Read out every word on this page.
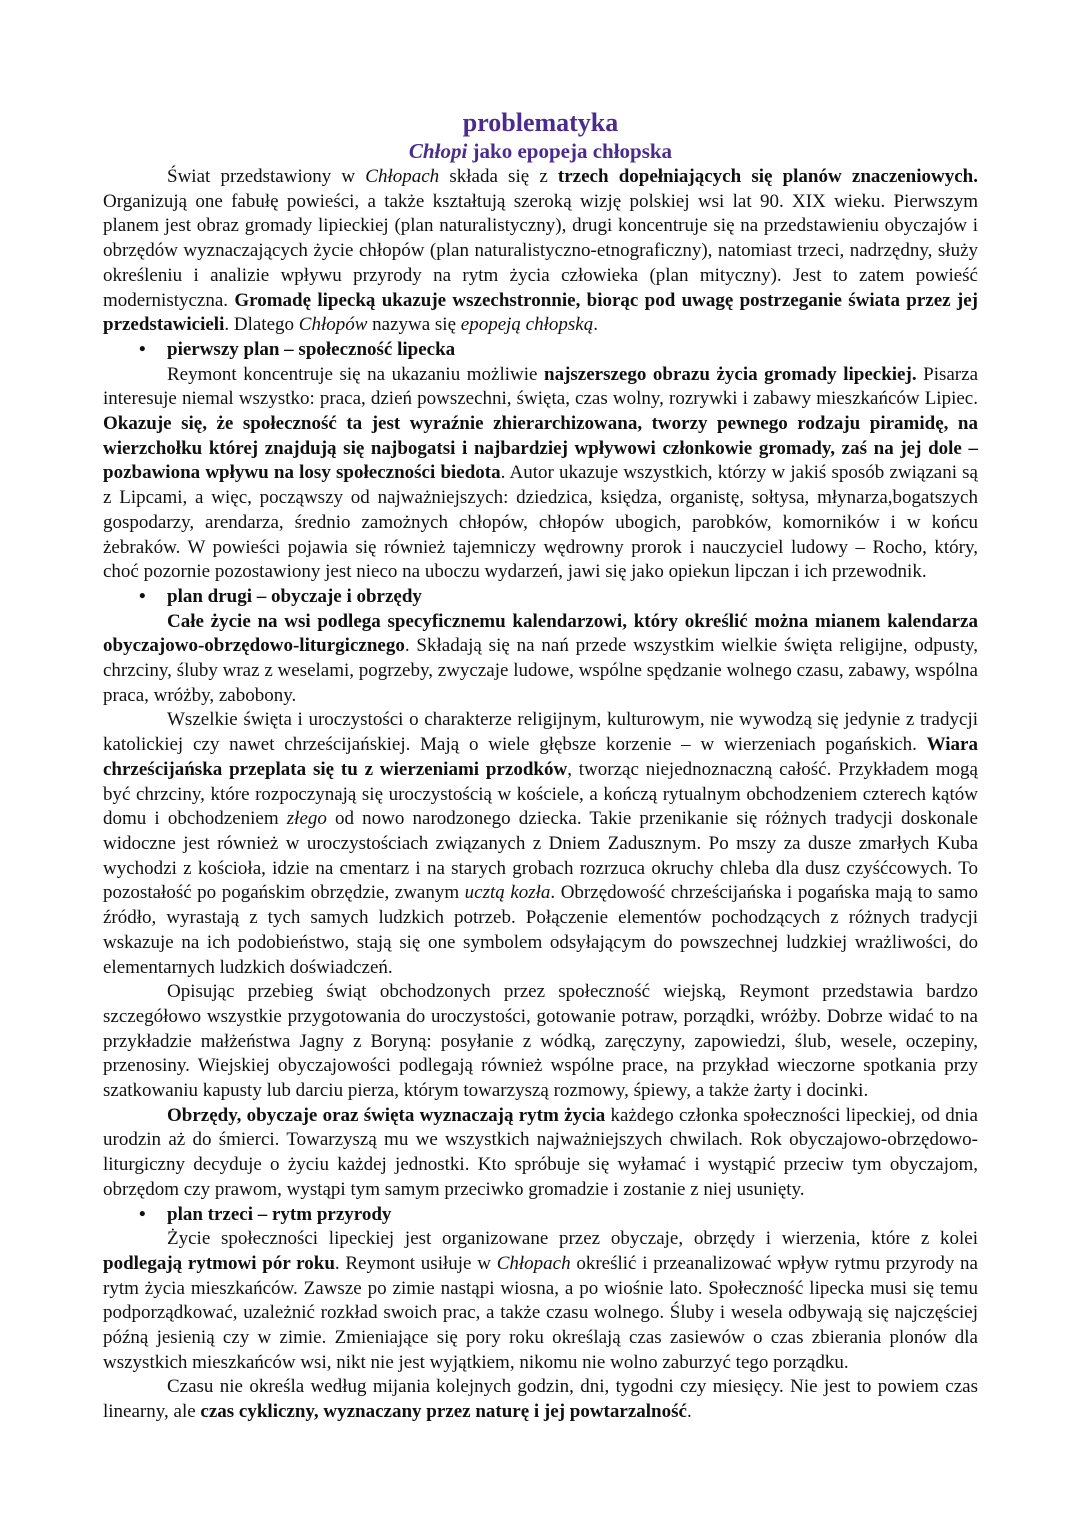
problematyka
Chłopi jako epopeja chłopska
Świat przedstawiony w Chłopach składa się z trzech dopełniających się planów znaczeniowych. Organizują one fabułę powieści, a także kształtują szeroką wizję polskiej wsi lat 90. XIX wieku. Pierwszym planem jest obraz gromady lipieckiej (plan naturalistyczny), drugi koncentruje się na przedstawieniu obyczajów i obrzędów wyznaczających życie chłopów (plan naturalistyczno-etnograficzny), natomiast trzeci, nadrzędny, służy określeniu i analizie wpływu przyrody na rytm życia człowieka (plan mityczny). Jest to zatem powieść modernistyczna. Gromadę lipecką ukazuje wszechstronnie, biorąc pod uwagę postrzeganie świata przez jej przedstawicieli. Dlatego Chłopów nazywa się epopeją chłopską.
• pierwszy plan – społeczność lipecka
Reymont koncentruje się na ukazaniu możliwie najszerszego obrazu życia gromady lipeckiej. Pisarza interesuje niemal wszystko: praca, dzień powszechni, święta, czas wolny, rozrywki i zabawy mieszkańców Lipiec. Okazuje się, że społeczność ta jest wyraźnie zhierarchizowana, tworzy pewnego rodzaju piramidę, na wierzchołku której znajdują się najbogatsi i najbardziej wpływowi członkowie gromady, zaś na jej dole – pozbawiona wpływu na losy społeczności biedota. Autor ukazuje wszystkich, którzy w jakiś sposób związani są z Lipcami, a więc, począwszy od najważniejszych: dziedzica, księdza, organistę, sołtysa, młynarza,bogatszych gospodarzy, arendarza, średnio zamożnych chłopów, chłopów ubogich, parobków, komorników i w końcu żebraków. W powieści pojawia się również tajemniczy wędrowny prorok i nauczyciel ludowy – Rocho, który, choć pozornie pozostawiony jest nieco na uboczu wydarzeń, jawi się jako opiekun lipczan i ich przewodnik.
• plan drugi – obyczaje i obrzędy
Całe życie na wsi podlega specyficznemu kalendarzowi, który określić można mianem kalendarza obyczajowo-obrzędowo-liturgicznego. Składają się na nań przede wszystkim wielkie święta religijne, odpusty, chrzciny, śluby wraz z weselami, pogrzeby, zwyczaje ludowe, wspólne spędzanie wolnego czasu, zabawy, wspólna praca, wróżby, zabobony.
Wszelkie święta i uroczystości o charakterze religijnym, kulturowym, nie wywodzą się jedynie z tradycji katolickiej czy nawet chrześcijańskiej. Mają o wiele głębsze korzenie – w wierzeniach pogańskich. Wiara chrześcijańska przeplata się tu z wierzeniami przodków, tworząc niejednoznaczną całość. Przykładem mogą być chrzciny, które rozpoczynają się uroczystością w kościele, a kończą rytualnym obchodzeniem czterech kątów domu i obchodzeniem złego od nowo narodzonego dziecka. Takie przenikanie się różnych tradycji doskonale widoczne jest również w uroczystościach związanych z Dniem Zadusznym. Po mszy za dusze zmarłych Kuba wychodzi z kościoła, idzie na cmentarz i na starych grobach rozrzuca okruchy chleba dla dusz czyśćcowych. To pozostałość po pogańskim obrzędzie, zwanym ucztą kozła. Obrzędowość chrześcijańska i pogańska mają to samo źródło, wyrastają z tych samych ludzkich potrzeb. Połączenie elementów pochodzących z różnych tradycji wskazuje na ich podobieństwo, stają się one symbolem odsyłającym do powszechnej ludzkiej wrażliwości, do elementarnych ludzkich doświadczeń.
Opisując przebieg świąt obchodzonych przez społeczność wiejską, Reymont przedstawia bardzo szczegółowo wszystkie przygotowania do uroczystości, gotowanie potraw, porządki, wróżby. Dobrze widać to na przykładzie małżeństwa Jagny z Boryną: posyłanie z wódką, zaręczyny, zapowiedzi, ślub, wesele, oczepiny, przenosiny. Wiejskiej obyczajowości podlegają również wspólne prace, na przykład wieczorne spotkania przy szatkowaniu kapusty lub darciu pierza, którym towarzyszą rozmowy, śpiewy, a także żarty i docinki.
Obrzędy, obyczaje oraz święta wyznaczają rytm życia każdego członka społeczności lipeckiej, od dnia urodzin aż do śmierci. Towarzyszą mu we wszystkich najważniejszych chwilach. Rok obyczajowo-obrzędowo-liturgiczny decyduje o życiu każdej jednostki. Kto spróbuje się wyłamać i wystąpić przeciw tym obyczajom, obrzędom czy prawom, wystąpi tym samym przeciwko gromadzie i zostanie z niej usunięty.
• plan trzeci – rytm przyrody
Życie społeczności lipeckiej jest organizowane przez obyczaje, obrzędy i wierzenia, które z kolei podlegają rytmowi pór roku. Reymont usiłuje w Chłopach określić i przeanalizować wpływ rytmu przyrody na rytm życia mieszkańców. Zawsze po zimie nastąpi wiosna, a po wiośnie lato. Społeczność lipecka musi się temu podporządkować, uzależnić rozkład swoich prac, a także czasu wolnego. Śluby i wesela odbywają się najczęściej późną jesienią czy w zimie. Zmieniające się pory roku określają czas zasiewów o czas zbierania plonów dla wszystkich mieszkańców wsi, nikt nie jest wyjątkiem, nikomu nie wolno zaburzyć tego porządku.
Czasu nie określa według mijania kolejnych godzin, dni, tygodni czy miesięcy. Nie jest to powiem czas linearny, ale czas cykliczny, wyznaczany przez naturę i jej powtarzalność.
